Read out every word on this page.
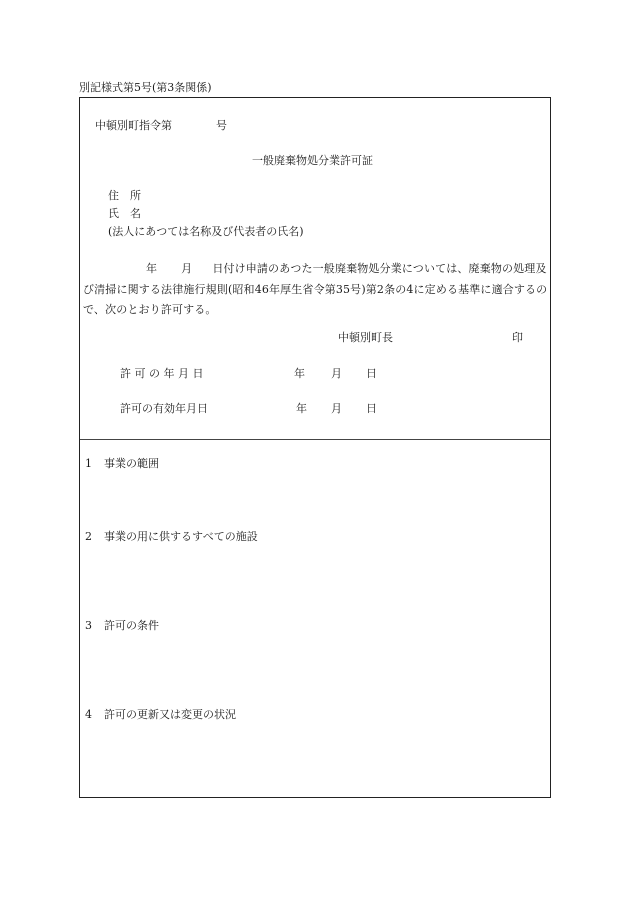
別記様式第5号(第3条関係)
中頓別町指令第	号
一般廃棄物処分業許可証
住　所
氏　名
(法人にあつては名称及び代表者の氏名)
年 月 日付け申請のあつた一般廃棄物処分業については、廃棄物の処理及び清掃に関する法律施行規則(昭和46年厚生省令第35号)第2条の4に定める基準に適合するので、次のとおり許可する。
中頓別町長	印
許 可 の 年 月 日	年 月 日
許可の有効年月日	年 月 日
1 事業の範囲
2 事業の用に供するすべての施設
3 許可の条件
4 許可の更新又は変更の状況
